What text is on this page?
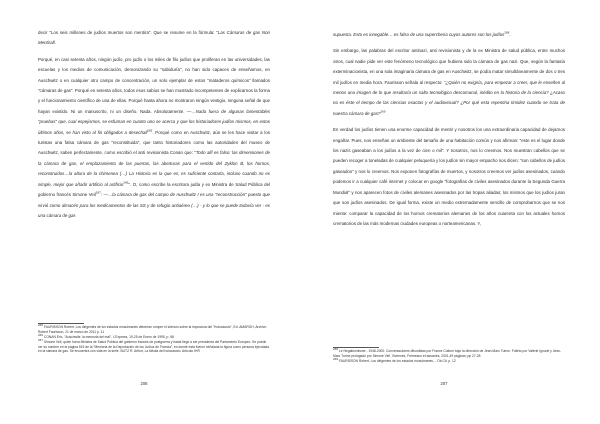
decir "Los seis millones de judíos muertos son mentira". Que se resume en la fórmula: "Las Cámaras de gas Non Mentirall.

Porqué, en casi setenta años, ningún judío, pro judío o los miles de filo judíos que proliferan en las universidades, las escuelas y los medios de comunicación, demonizando su "sabiduría", no han sido capaces de enseñarnos, en Auschwitz o en cualquier otro campo de concentración, un solo ejemplar de estos "mataderos químicos" llamados "cámaras de gas". Porqué en setenta años, todos esos sabios se han mostrado incompetentes de explicarnos la forma y el funcionamiento científico de una de ellas. Porqué hasta ahora no mostraron ningún vestigio, ninguna señal de que hayan existido. Ni un manuscrito, ni un diseño. Nada. Absolutamente. —…Nada fuera de algunas lamentables "pruebas" que, cual espejismos, se esfuman en cuanto uno se acerca y que los historiadores judíos mismos, en estos últimos años, se han visto al fin obligados a desechall$^{265}$. Porqué como en Auschwitz, aún se les hace visitar a los turistas una falsa cámara de gas "reconstituida", que tanto historiadores como las autoridades del museo de Auschwitz, saben perfectamente, como escribió el anti revisionista Conan que: "Todo allí es falso: las dimensiones de la cámara de gas, el emplazamiento de las puertas, las aberturas para el vertido del Zyklon B, los hornos, reconstruidos…la altura de la chimenea (…) La Historia es la que es; es suficiente contarla, incluso cuando no es simple, mejor que añadir artificio al artificio$^{266}$". O, como escribe la escritora judía y ex Ministra de Salud Pública del gobierno francés Simone Veil$^{267}$: —…la cámara de gas del campo de Auschwitz I es una "reconstrucción" puesto que sirvió como almacén para los medicamentos de las SS y de refugio antiaéreo (…) - y lo que se puede todavía ver - es una cámara de gas

$^{265}$ FAURISSON Robert, Los dirigentes de los estados musulmanes deberían romper el silencio sobre la impostura del "Holocausto", Ed. AMARGH, Archivo Robert Faurisson, 21 de marzo de 2011 p. 11

$^{266}$ CONAN Eric, "Auschwitz: la memoria del mal", L'Express, 19-25 de Enero de 1995, p. 68

$^{267}$ Simone Veil, quien fuera Ministra de Salud Pública del gobierno francés de postguerra y hasta llegó a ser presidenta del Parlamento Europeo. Se puede ver su nombre en la página 519 de la "Memoria de la Deportación de los Judíos de Francia", en donde esta fueron señalada la figura como persona ejecutada en la cámara de gas. Se encuentra con vida en la serie. BUTZ R. Arthur, La fábula del holocausto. Artículo IHR

206

supuesta. Esto es innegable… es falso de una supercheria cuyos autores son los judíos$^{268}$.

Sin embargo, las palabras del escritor antinazi, anti revisionista y de la ex Ministra de salud pública, entre muchos otros, cual nadie pide ver este fenómeno tecnológico que hubiera sido la cámara de gas nazi. Que, según la fantasía exterminacionista, en una sola imaginaria cámara de gas en Auschwitz, se podía matar simultáneamente de dos o tres mil judíos en media hora. Faurisson señala al respecto: "¿Quién no exigiría, para empezar a creer, que le enseñen al menos una imagen de lo que resultaría un salto tecnológico descomunal, inédito en la historia de la ciencia? ¿Acaso no es éste el tiempo de las ciencias exactas y el audiovisual? ¿Por qué esta repentina timidez cuando se trata de nuestra cámara de gas?$^{269}$

En verdad los judíos tienen una enorme capacidad de mentir y nosotros los una extraordinaria capacidad de dejarnos engañar. Pues, nos enseñan un ambiente del tamaño de una habitación común y nos afirman: "este es el lugar donde los nazis gaseaban a los judíos a la vez de cien o mil". Y nosotros, nos lo creemos. Nos muestran cabellos que se pueden recoger a toneladas de cualquier peluquería y los judíos sin mayor empacho nos dicen: "son cabellos de judíos gaseados" y nos lo creemos. Nos exponen fotografías de muertos, y nosotros creemos ver judíos asesinados, cuando podemos ir a cualquier café internet y colocar en google "fotografías de civiles asesinados durante la Segunda Guerra Mundial" y nos aparecen fotos de civiles alemanes asesinados por las tropas aliadas; los mismos que los judíos juran que son judíos asesinados. De igual forma, existe un medio extremadamente sencillo de comprobarnos que se nos miente: comparar la capacidad de los hornos crematorios alemanes de los años cuarenta con los actuales hornos crematorios de las más modernas ciudades europeas o norteamericanas. Y,

$^{268}$ Le Negationnisme - 1948-2000. Conversaciones difundidas por France Culture bajo la dirección de Jean-Marc Turine. Folleto por Valérie Ignuné y Jean-Marc Turine prologado por Simone Veil, Vivennes, Frémeaux et associés, 2001,49 páginas; pp 27-28

$^{269}$ FAURISSON Robert, Los dirigentes de los estados musulmanes… Ob.Cit. p. 12

207
